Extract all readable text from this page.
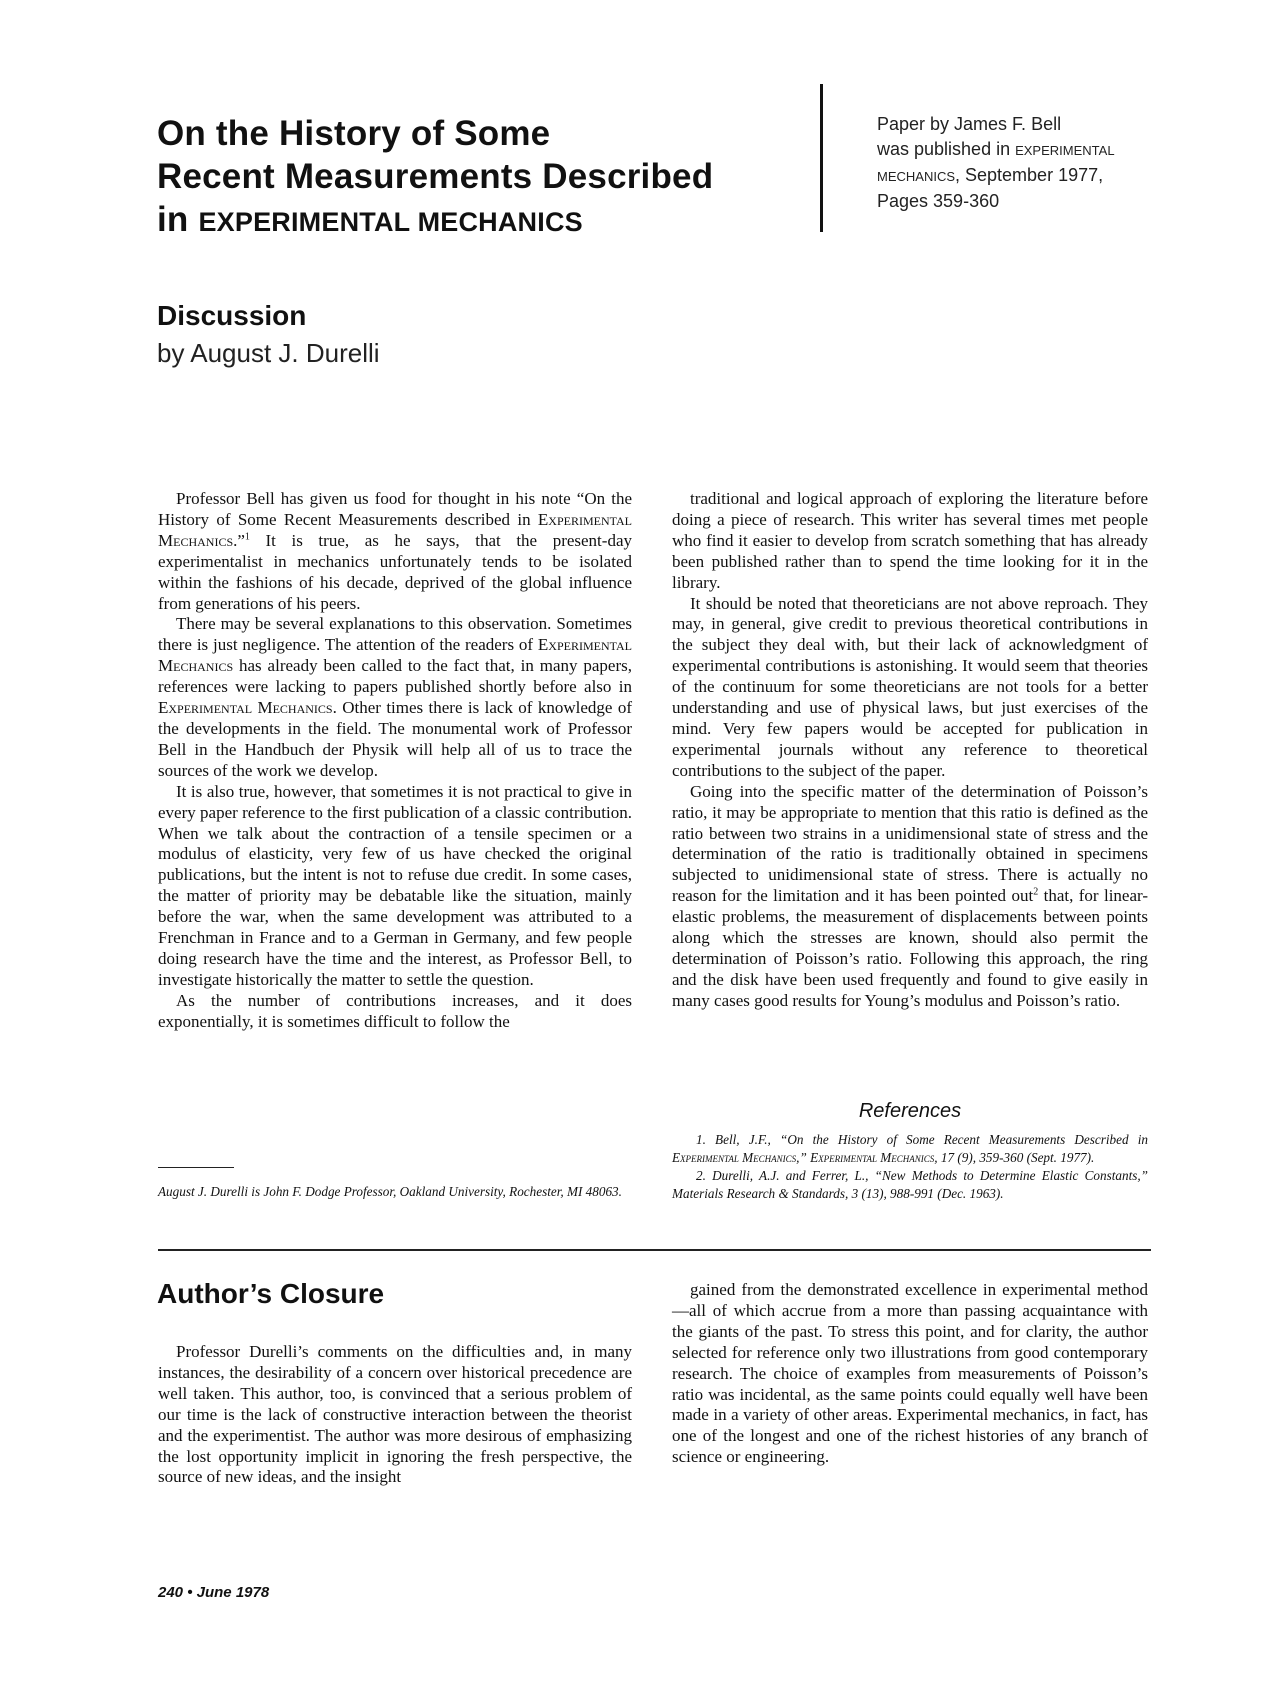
On the History of Some
Recent Measurements Described
in EXPERIMENTAL MECHANICS
Paper by James F. Bell
was published in EXPERIMENTAL
MECHANICS, September 1977,
Pages 359-360
Discussion
by August J. Durelli

Professor Bell has given us food for thought in his note “On the History of Some Recent Measurements described in Experimental Mechanics.”$^1$ It is true, as he says, that the present-day experimentalist in mechanics unfortunately tends to be isolated within the fashions of his decade, deprived of the global influence from generations of his peers.

There may be several explanations to this observation. Sometimes there is just negligence. The attention of the readers of Experimental Mechanics has already been called to the fact that, in many papers, references were lacking to papers published shortly before also in Experimental Mechanics. Other times there is lack of knowledge of the developments in the field. The monumental work of Professor Bell in the Handbuch der Physik will help all of us to trace the sources of the work we develop.

It is also true, however, that sometimes it is not practical to give in every paper reference to the first publication of a classic contribution. When we talk about the contraction of a tensile specimen or a modulus of elasticity, very few of us have checked the original publications, but the intent is not to refuse due credit. In some cases, the matter of priority may be debatable like the situation, mainly before the war, when the same development was attributed to a Frenchman in France and to a German in Germany, and few people doing research have the time and the interest, as Professor Bell, to investigate historically the matter to settle the question.

As the number of contributions increases, and it does exponentially, it is sometimes difficult to follow the

traditional and logical approach of exploring the literature before doing a piece of research. This writer has several times met people who find it easier to develop from scratch something that has already been published rather than to spend the time looking for it in the library.

It should be noted that theoreticians are not above reproach. They may, in general, give credit to previous theoretical contributions in the subject they deal with, but their lack of acknowledgment of experimental contributions is astonishing. It would seem that theories of the continuum for some theoreticians are not tools for a better understanding and use of physical laws, but just exercises of the mind. Very few papers would be accepted for publication in experimental journals without any reference to theoretical contributions to the subject of the paper.

Going into the specific matter of the determination of Poisson’s ratio, it may be appropriate to mention that this ratio is defined as the ratio between two strains in a unidimensional state of stress and the determination of the ratio is traditionally obtained in specimens subjected to unidimensional state of stress. There is actually no reason for the limitation and it has been pointed out$^2$ that, for linear-elastic problems, the measurement of displacements between points along which the stresses are known, should also permit the determination of Poisson’s ratio. Following this approach, the ring and the disk have been used frequently and found to give easily in many cases good results for Young’s modulus and Poisson’s ratio.

References

1. Bell, J.F., “On the History of Some Recent Measurements Described in Experimental Mechanics,” Experimental Mechanics, 17 (9), 359-360 (Sept. 1977).

2. Durelli, A.J. and Ferrer, L., “New Methods to Determine Elastic Constants,” Materials Research & Standards, 3 (13), 988-991 (Dec. 1963).

August J. Durelli is John F. Dodge Professor, Oakland University, Rochester, MI 48063.
Author’s Closure

Professor Durelli’s comments on the difficulties and, in many instances, the desirability of a concern over historical precedence are well taken. This author, too, is convinced that a serious problem of our time is the lack of constructive interaction between the theorist and the experimentist. The author was more desirous of emphasizing the lost opportunity implicit in ignoring the fresh perspective, the source of new ideas, and the insight

gained from the demonstrated excellence in experimental method—all of which accrue from a more than passing acquaintance with the giants of the past. To stress this point, and for clarity, the author selected for reference only two illustrations from good contemporary research. The choice of examples from measurements of Poisson’s ratio was incidental, as the same points could equally well have been made in a variety of other areas. Experimental mechanics, in fact, has one of the longest and one of the richest histories of any branch of science or engineering.

240 • June 1978
